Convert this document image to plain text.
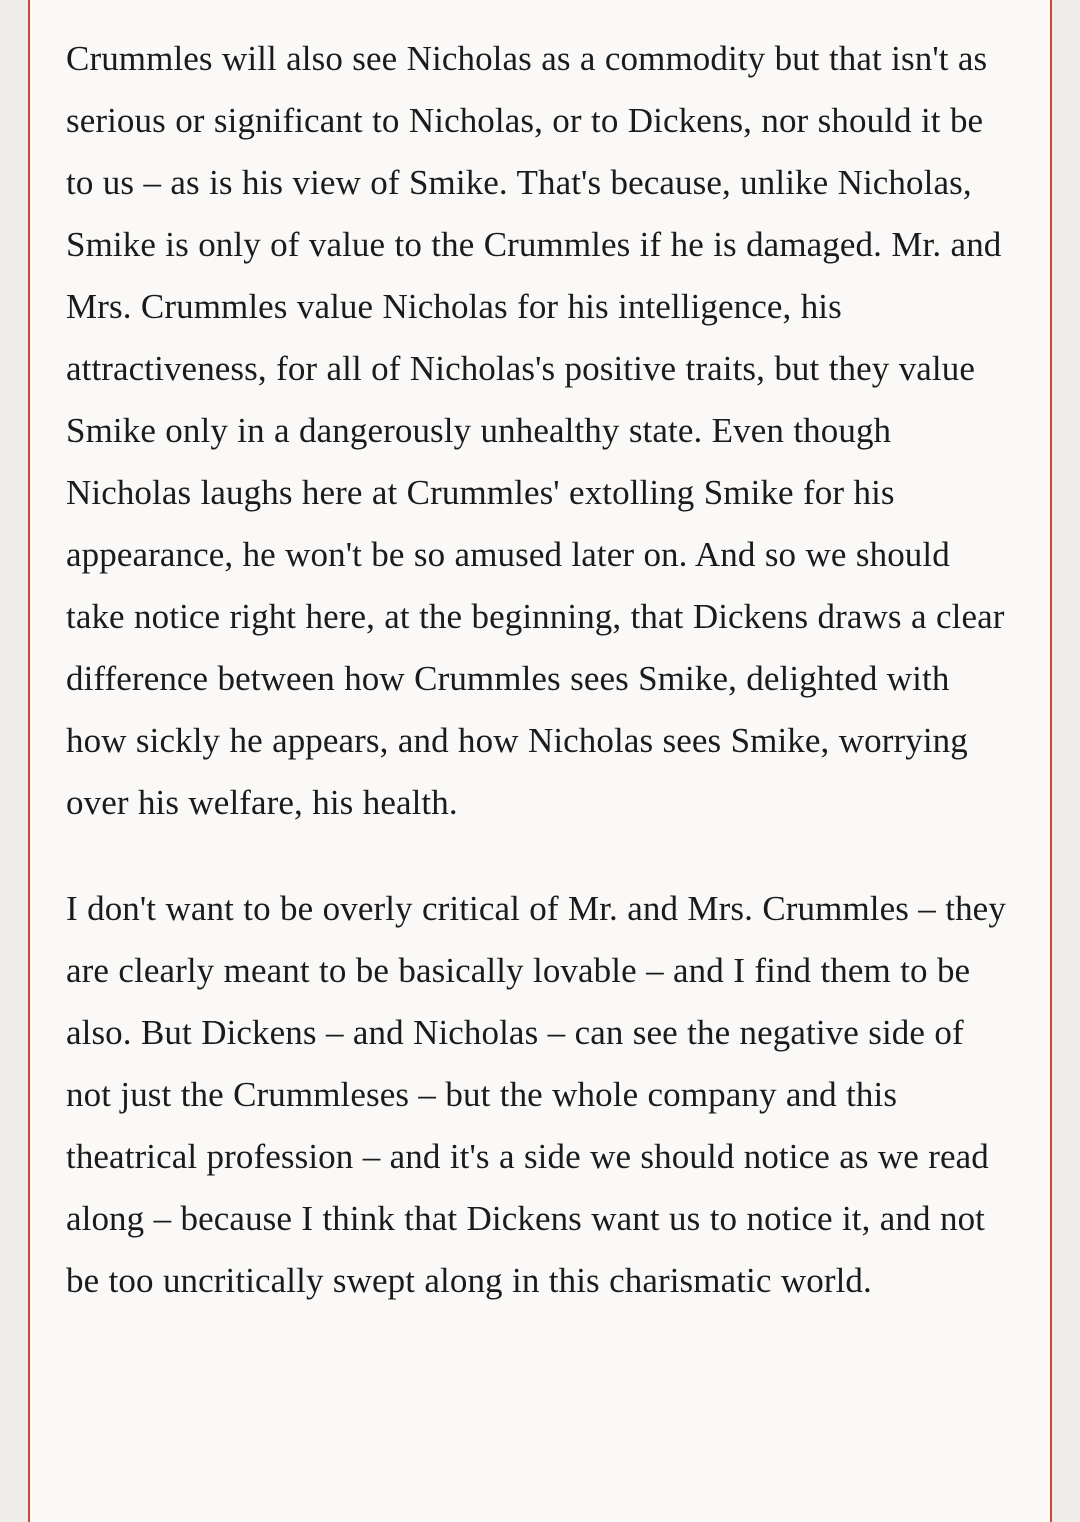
Crummles will also see Nicholas as a commodity but that isn't as serious or significant to Nicholas, or to Dickens, nor should it be to us – as is his view of Smike. That's because, unlike Nicholas, Smike is only of value to the Crummles if he is damaged. Mr. and Mrs. Crummles value Nicholas for his intelligence, his attractiveness, for all of Nicholas's positive traits, but they value Smike only in a dangerously unhealthy state. Even though Nicholas laughs here at Crummles' extolling Smike for his appearance, he won't be so amused later on. And so we should take notice right here, at the beginning, that Dickens draws a clear difference between how Crummles sees Smike, delighted with how sickly he appears, and how Nicholas sees Smike, worrying over his welfare, his health.

I don't want to be overly critical of Mr. and Mrs. Crummles – they are clearly meant to be basically lovable – and I find them to be also. But Dickens – and Nicholas – can see the negative side of not just the Crummleses – but the whole company and this theatrical profession – and it's a side we should notice as we read along – because I think that Dickens want us to notice it, and not be too uncritically swept along in this charismatic world.
